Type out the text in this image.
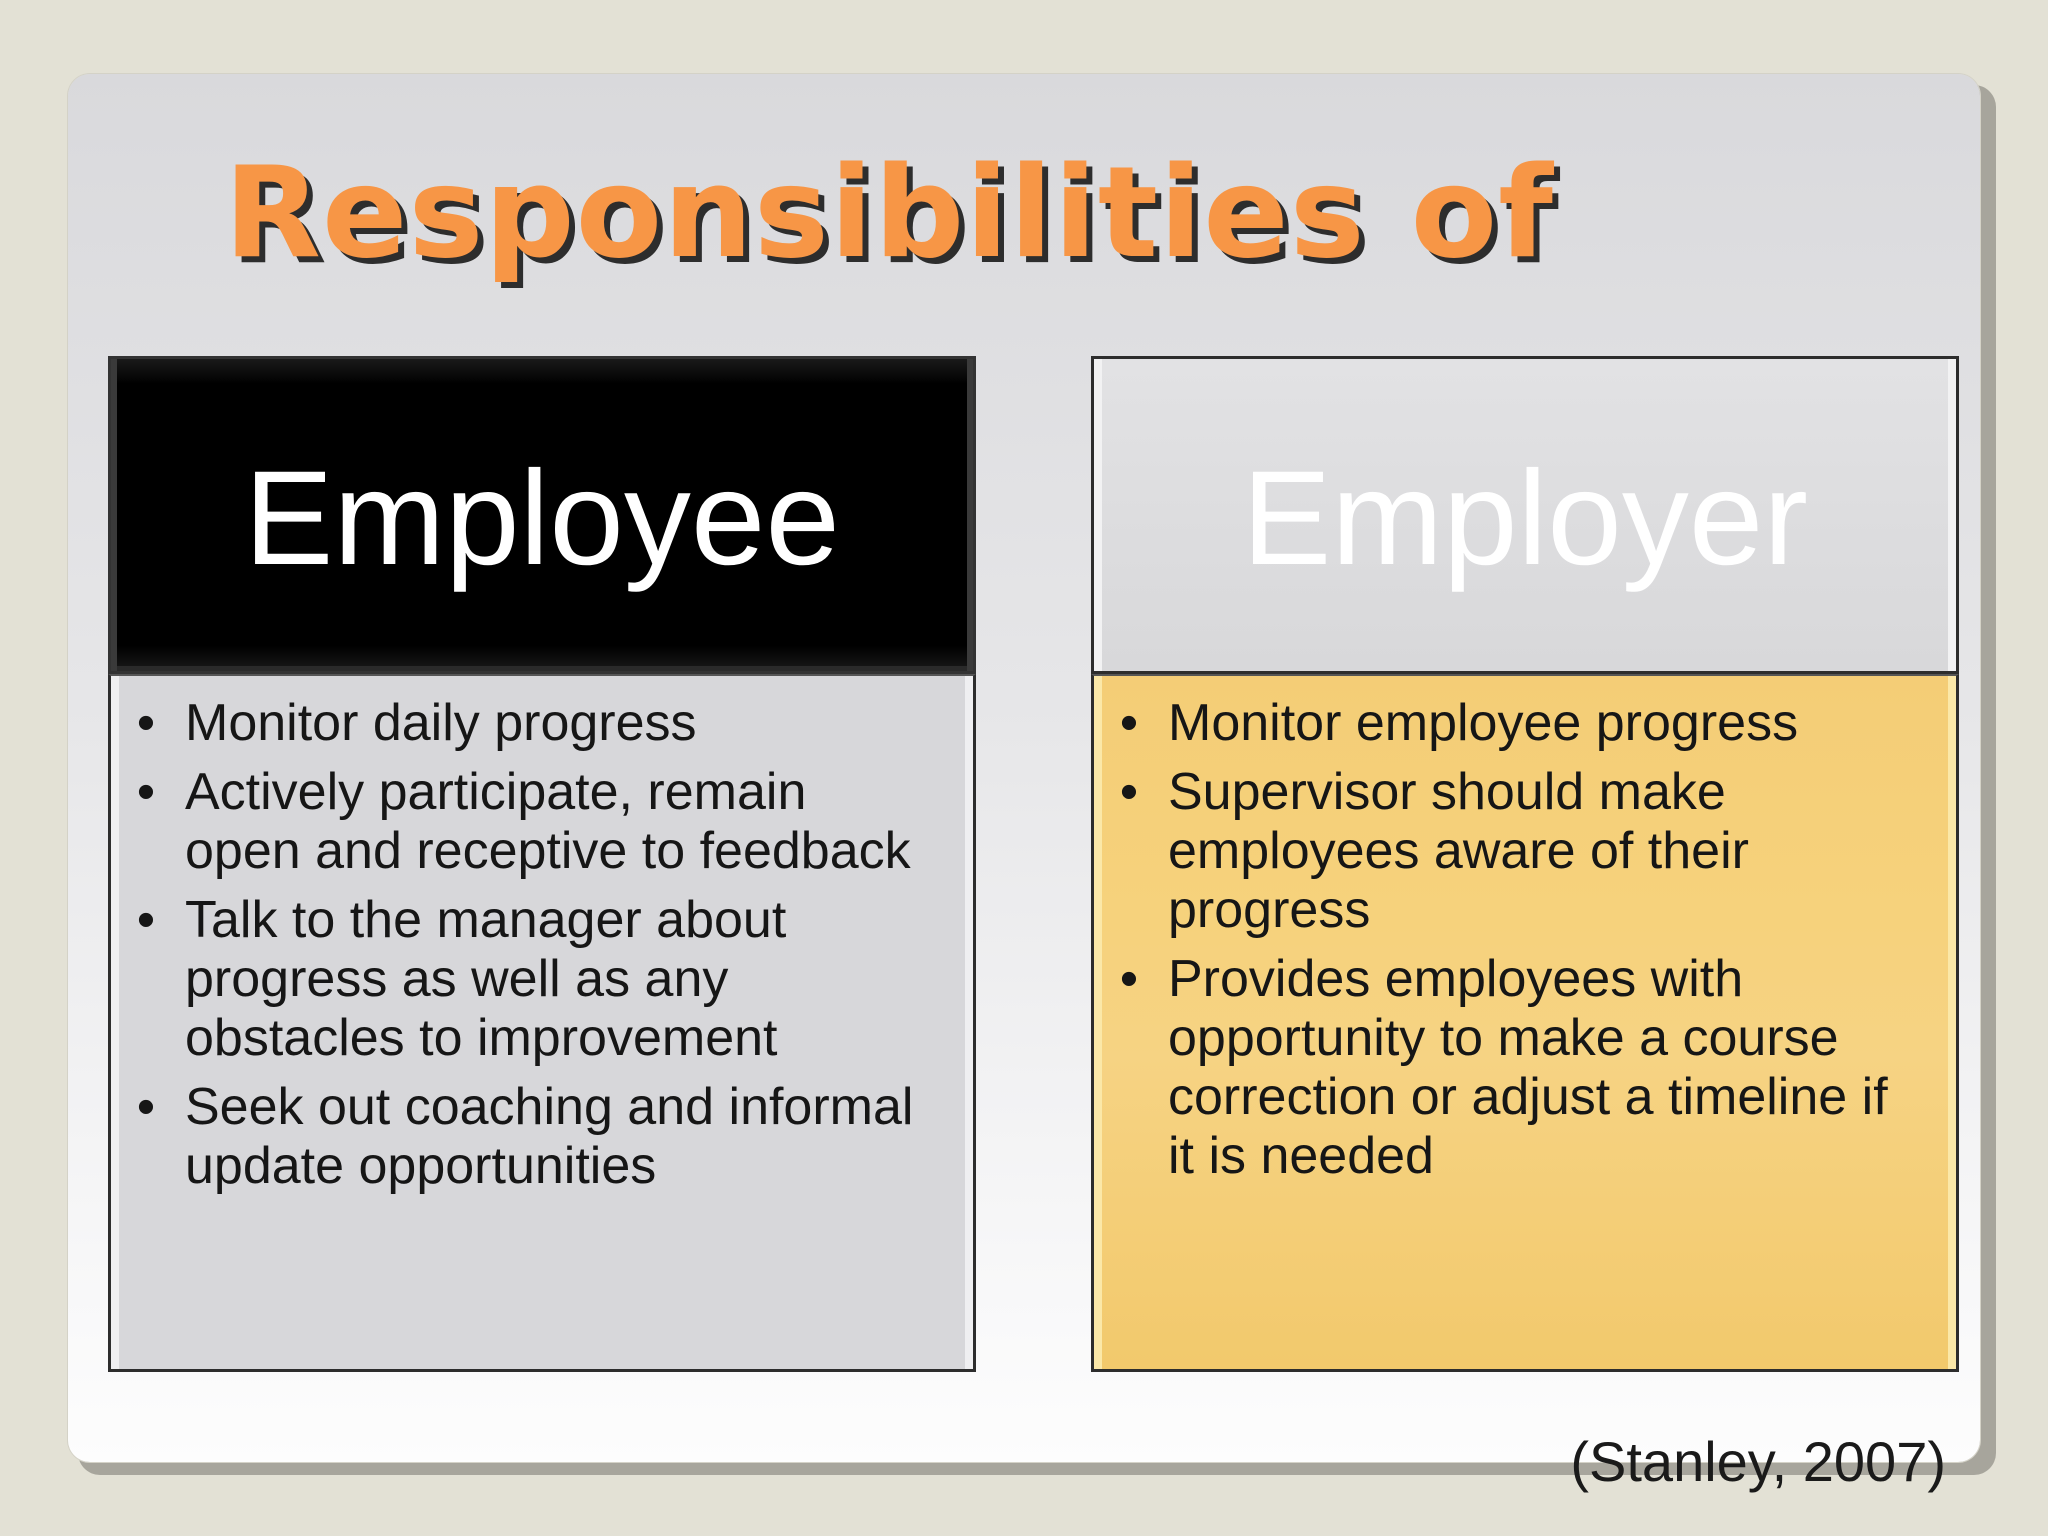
Responsibilities of
Employee
• Monitor daily progress
• Actively participate, remain open and receptive to feedback
• Talk to the manager about progress as well as any obstacles to improvement
• Seek out coaching and informal update opportunities
Employer
• Monitor employee progress
• Supervisor should make employees aware of their progress
• Provides employees with opportunity to make a course correction or adjust a timeline if it is needed

(Stanley, 2007)
